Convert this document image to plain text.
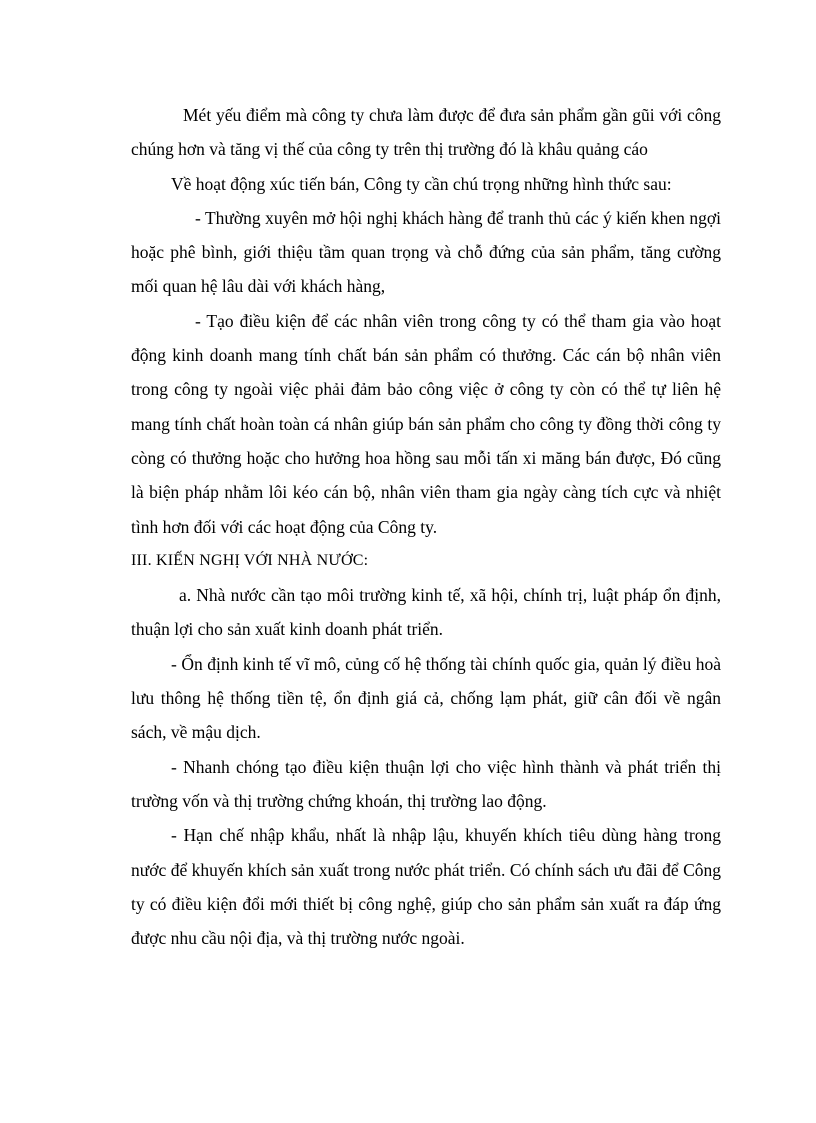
Mét yếu điểm mà công ty chưa làm được để đưa sản phẩm gần gũi với công chúng hơn và tăng vị thế của công ty trên thị trường đó là khâu quảng cáo

Về hoạt động xúc tiến bán, Công ty cần chú trọng những hình thức sau:

- Thường xuyên mở hội nghị khách hàng để tranh thủ các ý kiến khen ngợi hoặc phê bình, giới thiệu tầm quan trọng và chỗ đứng của sản phẩm, tăng cường mối quan hệ lâu dài với khách hàng,

- Tạo điều kiện để các nhân viên trong công ty có thể tham gia vào hoạt động kinh doanh mang tính chất bán sản phẩm có thưởng. Các cán bộ nhân viên trong công ty ngoài việc phải đảm bảo công việc ở công ty còn có thể tự liên hệ mang tính chất hoàn toàn cá nhân giúp bán sản phẩm cho công ty đồng thời công ty còng có thưởng hoặc cho hưởng hoa hồng sau mỗi tấn xi măng bán được, Đó cũng là biện pháp nhằm lôi kéo cán bộ, nhân viên tham gia ngày càng tích cực và nhiệt tình hơn đối với các hoạt động của Công ty.

III. KIẾN NGHỊ VỚI NHÀ NƯỚC:

a. Nhà nước cần tạo môi trường kinh tế, xã hội, chính trị, luật pháp ổn định, thuận lợi cho sản xuất kinh doanh phát triển.

- Ổn định kinh tế vĩ mô, củng cố hệ thống tài chính quốc gia, quản lý điều hoà lưu thông hệ thống tiền tệ, ổn định giá cả, chống lạm phát, giữ cân đối về ngân sách, về mậu dịch.

- Nhanh chóng tạo điều kiện thuận lợi cho việc hình thành và phát triển thị trường vốn và thị trường chứng khoán, thị trường lao động.

- Hạn chế nhập khẩu, nhất là nhập lậu, khuyến khích tiêu dùng hàng trong nước để khuyến khích sản xuất trong nước phát triển. Có chính sách ưu đãi để Công ty có điều kiện đổi mới thiết bị công nghệ, giúp cho sản phẩm sản xuất ra đáp ứng được nhu cầu nội địa, và thị trường nước ngoài.
